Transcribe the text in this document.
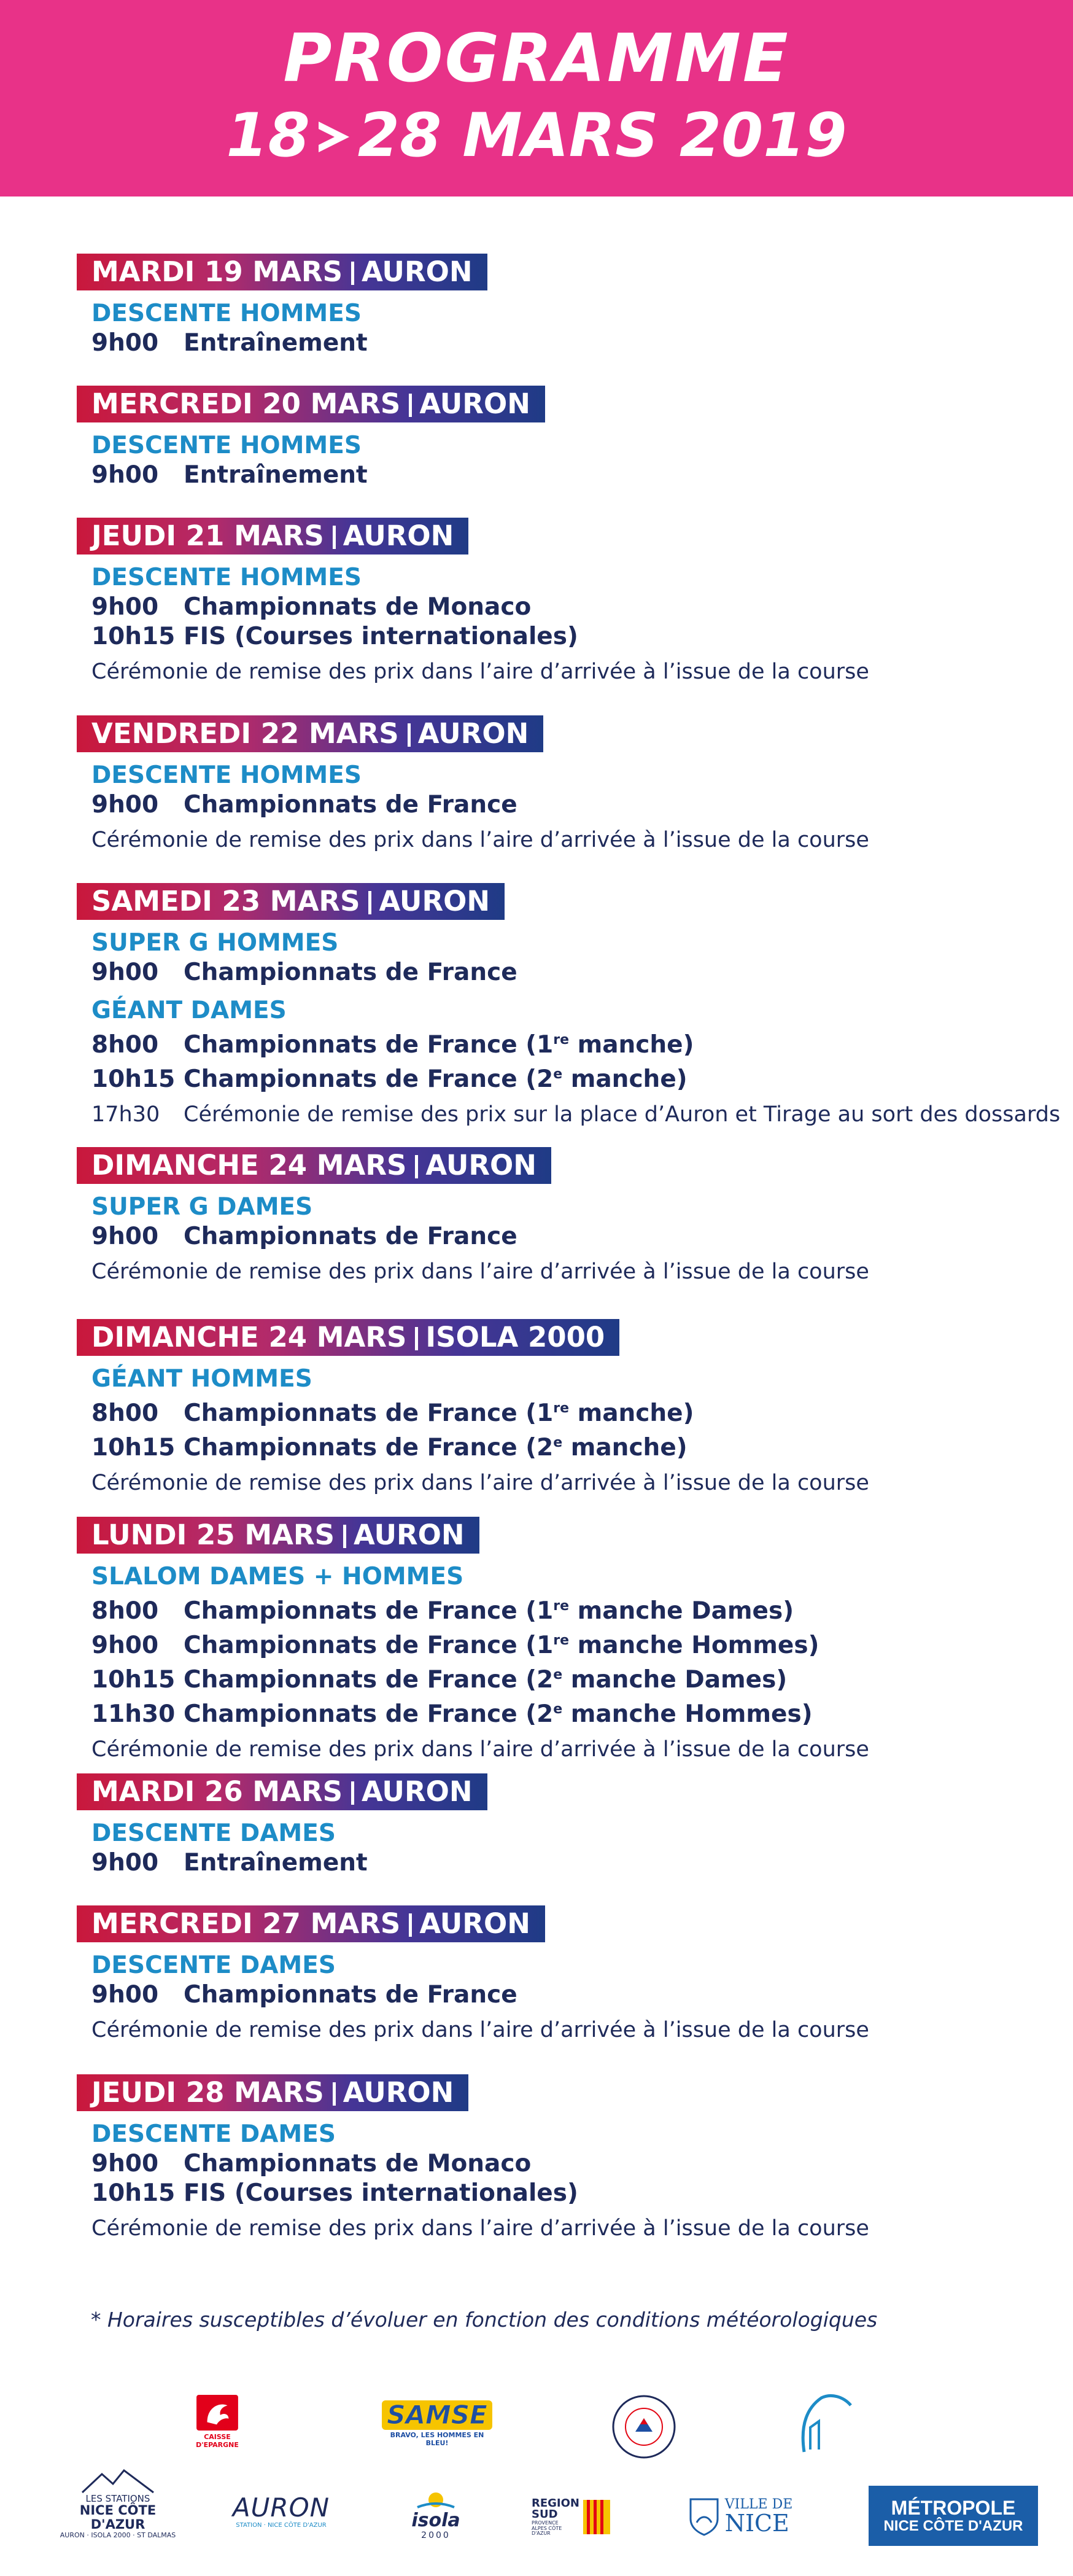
PROGRAMME
18 28 MARS 2019
MARDI 19 MARS AURON
DESCENTE HOMMES
9h00 Entraînement
MERCREDI 20 MARS AURON
DESCENTE HOMMES
9h00 Entraînement
JEUDI 21 MARS AURON
DESCENTE HOMMES
9h00 Championnats de Monaco
10h15 FIS (Courses internationales)
Cérémonie de remise des prix dans l’aire d’arrivée à l’issue de la course
VENDREDI 22 MARS AURON
DESCENTE HOMMES
9h00 Championnats de France
Cérémonie de remise des prix dans l’aire d’arrivée à l’issue de la course
SAMEDI 23 MARS AURON
SUPER G HOMMES
9h00 Championnats de France
GÉANT DAMES
8h00 Championnats de France (1re manche)
10h15 Championnats de France (2e manche)
17h30 Cérémonie de remise des prix sur la place d’Auron et Tirage au sort des dossards
DIMANCHE 24 MARS AURON
SUPER G DAMES
9h00 Championnats de France
Cérémonie de remise des prix dans l’aire d’arrivée à l’issue de la course
DIMANCHE 24 MARS ISOLA 2000
GÉANT HOMMES
8h00 Championnats de France (1re manche)
10h15 Championnats de France (2e manche)
Cérémonie de remise des prix dans l’aire d’arrivée à l’issue de la course
LUNDI 25 MARS AURON
SLALOM DAMES + HOMMES
8h00 Championnats de France (1re manche Dames)
9h00 Championnats de France (1re manche Hommes)
10h15 Championnats de France (2e manche Dames)
11h30 Championnats de France (2e manche Hommes)
Cérémonie de remise des prix dans l’aire d’arrivée à l’issue de la course
MARDI 26 MARS AURON
DESCENTE DAMES
9h00 Entraînement
MERCREDI 27 MARS AURON
DESCENTE DAMES
9h00 Championnats de France
Cérémonie de remise des prix dans l’aire d’arrivée à l’issue de la course
JEUDI 28 MARS AURON
DESCENTE DAMES
9h00 Championnats de Monaco
10h15 FIS (Courses internationales)
Cérémonie de remise des prix dans l’aire d’arrivée à l’issue de la course
* Horaires susceptibles d’évoluer en fonction des conditions météorologiques
CAISSE D'EPARGNE
SAMSE
BRAVO, LES HOMMES EN BLEU!
LES STATIONS
NICE CÔTE D'AZUR
AURON · ISOLA 2000 · ST DALMAS
AURON
STATION · NICE CÔTE D'AZUR	isola
2000
REGION
SUD
PROVENCE ALPES CÔTE D'AZUR
VILLE DE
NICE
MÉTROPOLE
NICE CÔTE D'AZUR
